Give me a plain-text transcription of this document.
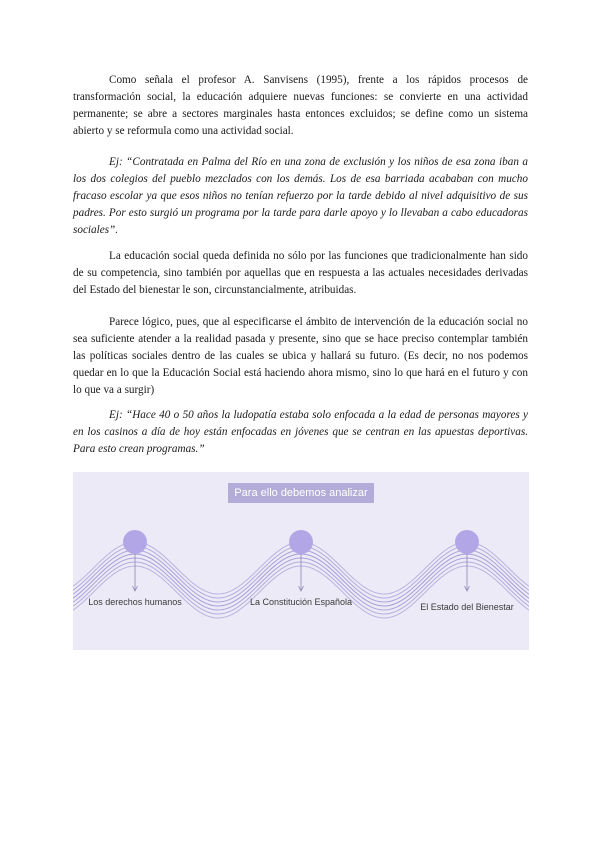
Como señala el profesor A. Sanvisens (1995), frente a los rápidos procesos de transformación social, la educación adquiere nuevas funciones: se convierte en una actividad permanente; se abre a sectores marginales hasta entonces excluidos; se define como un sistema abierto y se reformula como una actividad social.

Ej: “Contratada en Palma del Río en una zona de exclusión y los niños de esa zona iban a los dos colegios del pueblo mezclados con los demás. Los de esa barriada acababan con mucho fracaso escolar ya que esos niños no tenían refuerzo por la tarde debido al nivel adquisitivo de sus padres. Por esto surgió un programa por la tarde para darle apoyo y lo llevaban a cabo educadoras sociales”.

La educación social queda definida no sólo por las funciones que tradicionalmente han sido de su competencia, sino también por aquellas que en respuesta a las actuales necesidades derivadas del Estado del bienestar le son, circunstancialmente, atribuidas.

Parece lógico, pues, que al especificarse el ámbito de intervención de la educación social no sea suficiente atender a la realidad pasada y presente, sino que se hace preciso contemplar también las políticas sociales dentro de las cuales se ubica y hallará su futuro. (Es decir, no nos podemos quedar en lo que la Educación Social está haciendo ahora mismo, sino lo que hará en el futuro y con lo que va a surgir)

Ej: “Hace 40 o 50 años la ludopatía estaba solo enfocada a la edad de personas mayores y en los casinos a día de hoy están enfocadas en jóvenes que se centran en las apuestas deportivas. Para esto crean programas.”

Para ello debemos analizar
Los derechos humanos	La Constitución Española	El Estado del Bienestar
